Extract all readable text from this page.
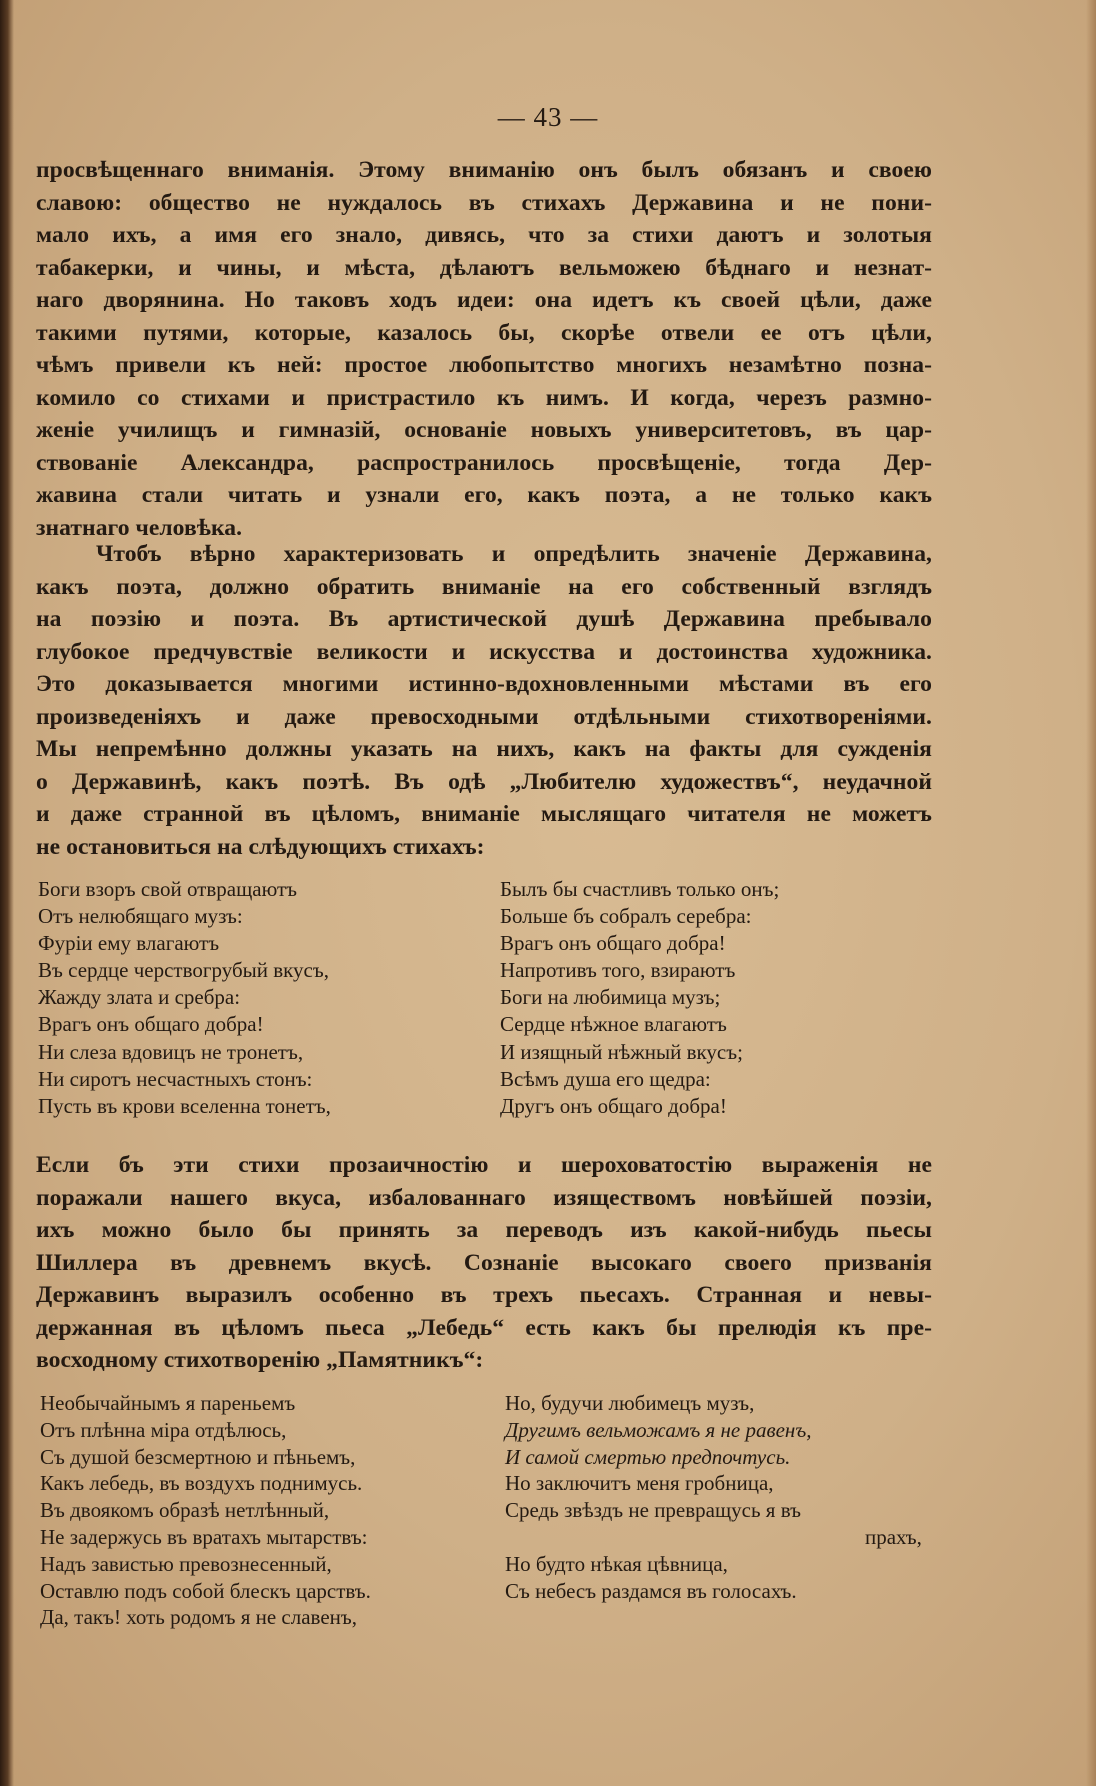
— 43 —
просвѣщеннаго вниманія. Этому вниманію онъ былъ обязанъ и своею
славою: общество не нуждалось въ стихахъ Державина и не пони-
мало ихъ, а имя его знало, дивясь, что за стихи даютъ и золотыя
табакерки, и чины, и мѣста, дѣлаютъ вельможею бѣднаго и незнат-
наго дворянина. Но таковъ ходъ идеи: она идетъ къ своей цѣли, даже
такими путями, которые, казалось бы, скорѣе отвели ее отъ цѣли,
чѣмъ привели къ ней: простое любопытство многихъ незамѣтно позна-
комило со стихами и пристрастило къ нимъ. И когда, черезъ размно-
женіе училищъ и гимназій, основаніе новыхъ университетовъ, въ цар-
ствованіе Александра, распространилось просвѣщеніе, тогда Дер-
жавина стали читать и узнали его, какъ поэта, а не только какъ
знатнаго человѣка.
Чтобъ вѣрно характеризовать и опредѣлить значеніе Державина,
какъ поэта, должно обратить вниманіе на его собственный взглядъ
на поэзію и поэта. Въ артистической душѣ Державина пребывало
глубокое предчувствіе великости и искусства и достоинства художника.
Это доказывается многими истинно-вдохновленными мѣстами въ его
произведеніяхъ и даже превосходными отдѣльными стихотвореніями.
Мы непремѣнно должны указать на нихъ, какъ на факты для сужденія
о Державинѣ, какъ поэтѣ. Въ одѣ „Любителю художествъ“, неудачной
и даже странной въ цѣломъ, вниманіе мыслящаго читателя не можетъ
не остановиться на слѣдующихъ стихахъ:
Боги взоръ свой отвращаютъ
Отъ нелюбящаго музъ:
Фуріи ему влагаютъ
Въ сердце черствогрубый вкусъ,
Жажду злата и сребра:
Врагъ онъ общаго добра!
Ни слеза вдовицъ не тронетъ,
Ни сиротъ несчастныхъ стонъ:
Пусть въ крови вселенна тонетъ,
Былъ бы счастливъ только онъ;
Больше бъ собралъ серебра:
Врагъ онъ общаго добра!
Напротивъ того, взираютъ
Боги на любимица музъ;
Сердце нѣжное влагаютъ
И изящный нѣжный вкусъ;
Всѣмъ душа его щедра:
Другъ онъ общаго добра!
Если бъ эти стихи прозаичностію и шероховатостію выраженія не
поражали нашего вкуса, избалованнаго изяществомъ новѣйшей поэзіи,
ихъ можно было бы принять за переводъ изъ какой-нибудь пьесы
Шиллера въ древнемъ вкусѣ. Сознаніе высокаго своего призванія
Державинъ выразилъ особенно въ трехъ пьесахъ. Странная и невы-
держанная въ цѣломъ пьеса „Лебедь“ есть какъ бы прелюдія къ пре-
восходному стихотворенію „Памятникъ“:
Необычайнымъ я пареньемъ
Отъ плѣнна міра отдѣлюсь,
Съ душой безсмертною и пѣньемъ,
Какъ лебедь, въ воздухъ поднимусь.
Въ двоякомъ образѣ нетлѣнный,
Не задержусь въ вратахъ мытарствъ:
Надъ завистью превознесенный,
Оставлю подъ собой блескъ царствъ.
Да, такъ! хоть родомъ я не славенъ,
Но, будучи любимецъ музъ,
Другимъ вельможамъ я не равенъ,
И самой смертью предпочтусь.
Но заключитъ меня гробница,
Средь звѣздъ не превращусь я въ
прахъ,
Но будто нѣкая цѣвница,
Съ небесъ раздамся въ голосахъ.
